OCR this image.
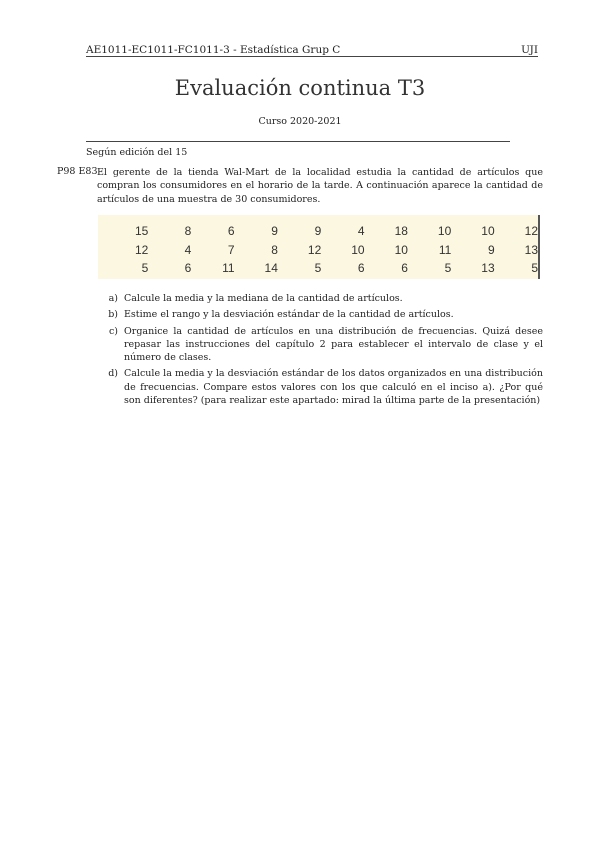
AE1011-EC1011-FC1011-3 - Estadística Grup C	UJI
Evaluación continua T3
Curso 2020-2021
Según edición del 15
P98 E83 El gerente de la tienda Wal-Mart de la localidad estudia la cantidad de artículos que compran los consumidores en el horario de la tarde. A continuación aparece la cantidad de artículos de una muestra de 30 consumidores.
15	8	6	9	9	4	18	10	10	12
12	4	7	8	12	10	10	11	9	13
5	6	11	14	5	6	6	5	13	5
a) Calcule la media y la mediana de la cantidad de artículos.
b) Estime el rango y la desviación estándar de la cantidad de artículos.
c) Organice la cantidad de artículos en una distribución de frecuencias. Quizá desee repasar las instrucciones del capítulo 2 para establecer el intervalo de clase y el número de clases.
d) Calcule la media y la desviación estándar de los datos organizados en una distribución de frecuencias. Compare estos valores con los que calculó en el inciso a). ¿Por qué son diferentes? (para realizar este apartado: mirad la última parte de la presentación)
